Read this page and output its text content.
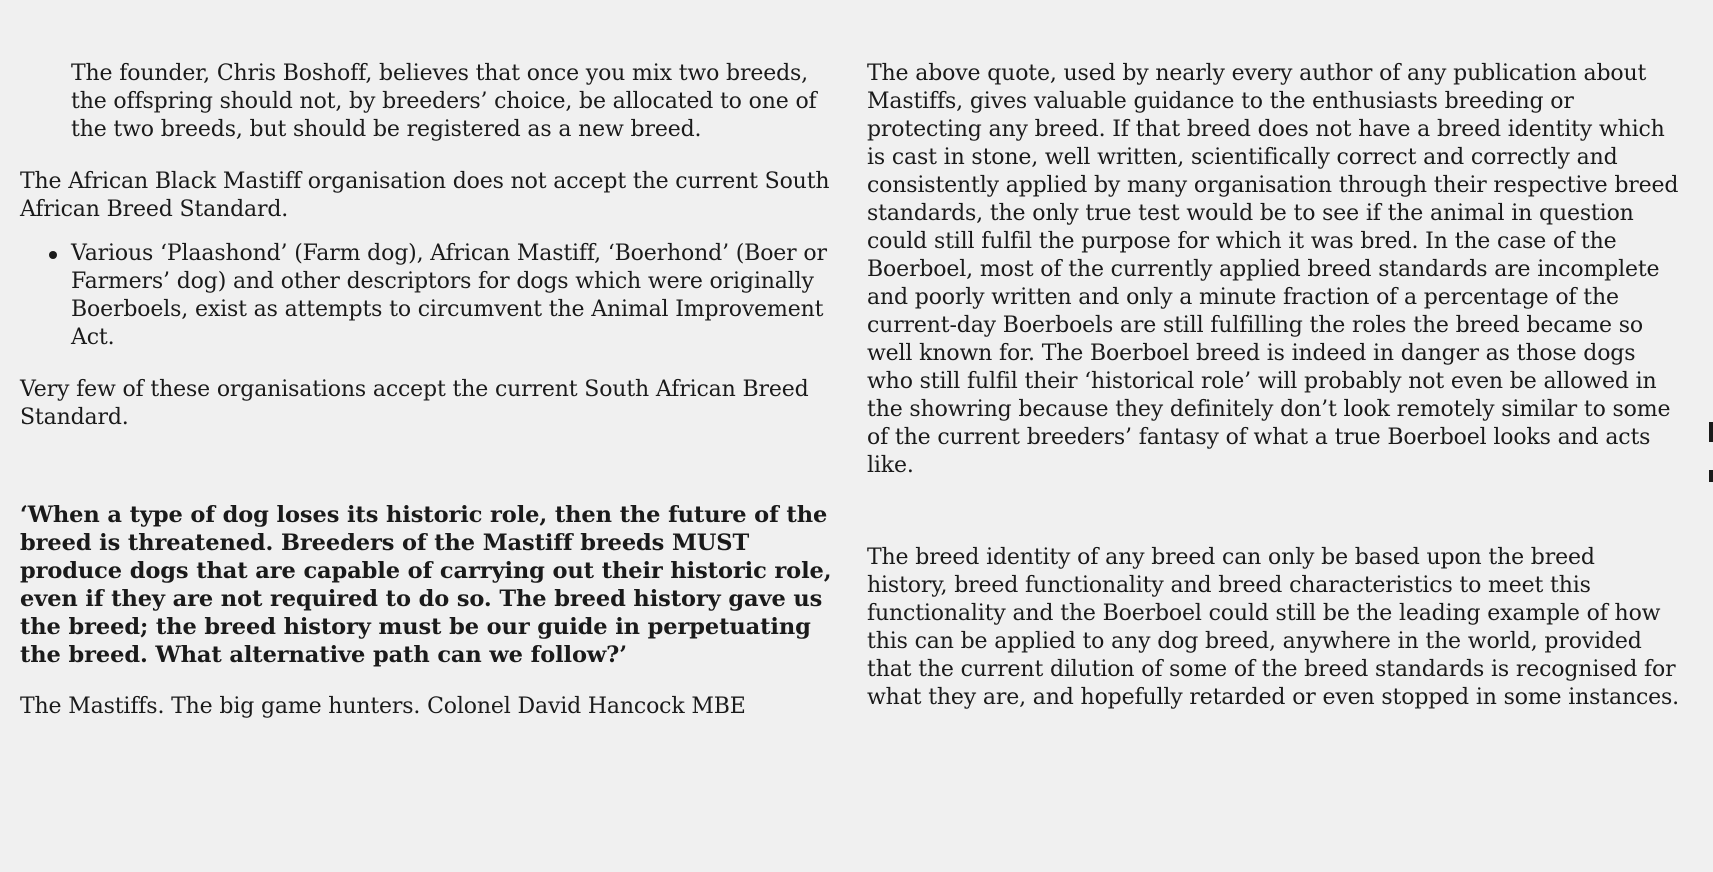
The founder, Chris Boshoff, believes that once you mix two breeds, the offspring should not, by breeders’ choice, be allocated to one of the two breeds, but should be registered as a new breed.

The African Black Mastiff organisation does not accept the current South African Breed Standard.

Various ‘Plaashond’ (Farm dog), African Mastiff, ‘Boerhond’ (Boer or Farmers’ dog) and other descriptors for dogs which were originally Boerboels, exist as attempts to circumvent the Animal Improvement Act.

Very few of these organisations accept the current South African Breed Standard.

‘When a type of dog loses its historic role, then the future of the breed is threatened. Breeders of the Mastiff breeds MUST produce dogs that are capable of carrying out their historic role, even if they are not required to do so. The breed history gave us the breed; the breed history must be our guide in perpetuating the breed. What alternative path can we follow?’

The Mastiffs. The big game hunters. Colonel David Hancock MBE

The above quote, used by nearly every author of any publication about Mastiffs, gives valuable guidance to the enthusiasts breeding or protecting any breed. If that breed does not have a breed identity which is cast in stone, well written, scientifically correct and correctly and consistently applied by many organisation through their respective breed standards, the only true test would be to see if the animal in question could still fulfil the purpose for which it was bred. In the case of the Boerboel, most of the currently applied breed standards are incomplete and poorly written and only a minute fraction of a percentage of the current-day Boerboels are still fulfilling the roles the breed became so well known for. The Boerboel breed is indeed in danger as those dogs who still fulfil their ‘historical role’ will probably not even be allowed in the showring because they definitely don’t look remotely similar to some of the current breeders’ fantasy of what a true Boerboel looks and acts like.

The breed identity of any breed can only be based upon the breed history, breed functionality and breed characteristics to meet this functionality and the Boerboel could still be the leading example of how this can be applied to any dog breed, anywhere in the world, provided that the current dilution of some of the breed standards is recognised for what they are, and hopefully retarded or even stopped in some instances.
